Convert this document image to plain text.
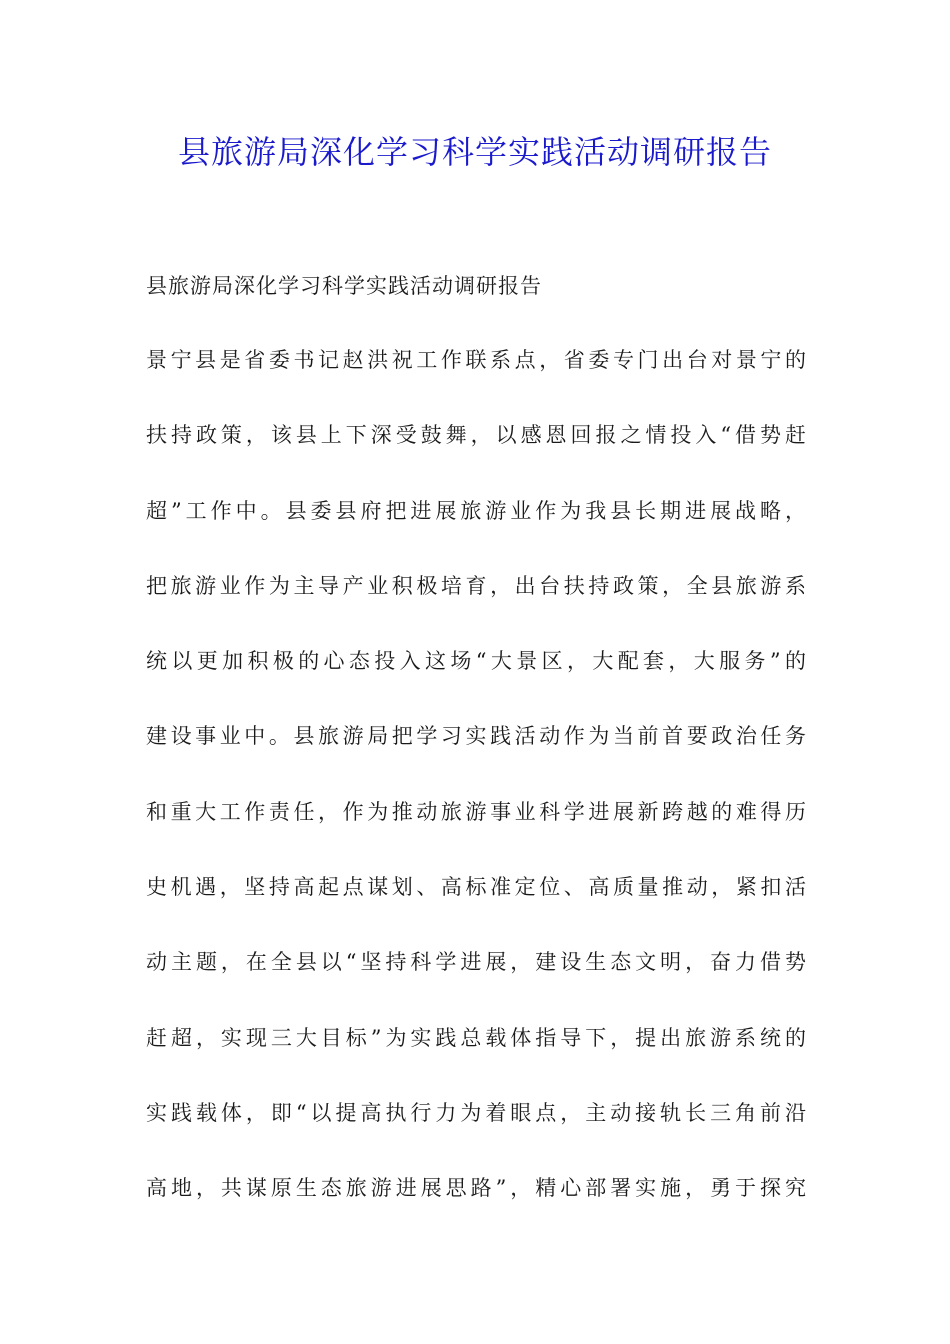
县旅游局深化学习科学实践活动调研报告

县旅游局深化学习科学实践活动调研报告

景宁县是省委书记赵洪祝工作联系点，省委专门出台对景宁的
扶持政策，该县上下深受鼓舞，以感恩回报之情投入“借势赶
超”工作中。县委县府把进展旅游业作为我县长期进展战略，
把旅游业作为主导产业积极培育，出台扶持政策，全县旅游系
统以更加积极的心态投入这场“大景区，大配套，大服务”的
建设事业中。县旅游局把学习实践活动作为当前首要政治任务
和重大工作责任，作为推动旅游事业科学进展新跨越的难得历
史机遇，坚持高起点谋划、高标准定位、高质量推动，紧扣活
动主题，在全县以“坚持科学进展，建设生态文明，奋力借势
赶超，实现三大目标”为实践总载体指导下，提出旅游系统的
实践载体，即“以提高执行力为着眼点，主动接轨长三角前沿
高地，共谋原生态旅游进展思路”，精心部署实施，勇于探究
